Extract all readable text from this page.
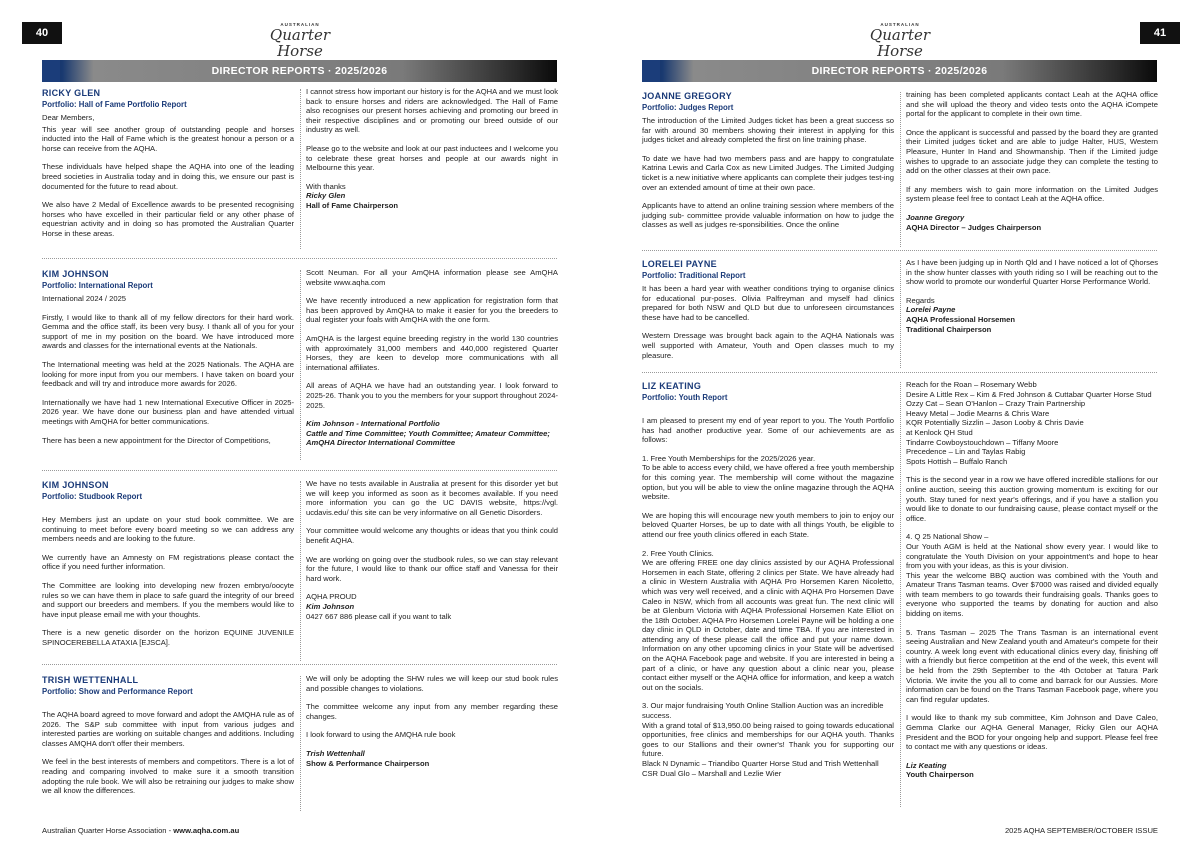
40
AUSTRALIAN
Quarter Horse
DIRECTOR REPORTS · 2025/2026
RICKY GLEN
Portfolio: Hall of Fame Portfolio Report

Dear Members,

This year will see another group of outstanding people and horses inducted into the Hall of Fame which is the greatest honour a person or a horse can receive from the AQHA.

These individuals have helped shape the AQHA into one of the leading breed societies in Australia today and in doing this, we ensure our past is documented for the future to read about.

We also have 2 Medal of Excellence awards to be presented recognising horses who have excelled in their particular field or any other phase of equestrian activity and in doing so has promoted the Australian Quarter Horse in these areas.

I cannot stress how important our history is for the AQHA and we must look back to ensure horses and riders are acknowledged. The Hall of Fame also recognises our present horses achieving and promoting our breed in their respective disciplines and or promoting our breed outside of our industry as well.

Please go to the website and look at our past inductees and I welcome you to celebrate these great horses and people at our awards night in Melbourne this year.

With thanks

Ricky Glen
Hall of Fame Chairperson
KIM JOHNSON
Portfolio: International Report

International 2024 / 2025

Firstly, I would like to thank all of my fellow directors for their hard work. Gemma and the office staff, its been very busy. I thank all of you for your support of me in my position on the board. We have introduced more awards and classes for the international events at the Nationals.

The International meeting was held at the 2025 Nationals. The AQHA are looking for more input from you our members. I have taken on board your feedback and will try and introduce more awards for 2026.

Internationally we have had 1 new International Executive Officer in 2025-2026 year. We have done our business plan and have attended virtual meetings with AmQHA for better communications.

There has been a new appointment for the Director of Competitions,

Scott Neuman. For all your AmQHA information please see AmQHA website www.aqha.com

We have recently introduced a new application for registration form that has been approved by AmQHA to make it easier for you the breeders to dual register your foals with AmQHA with the one form.

AmQHA is the largest equine breeding registry in the world 130 countries with approximately 31,000 members and 440,000 registered Quarter Horses, they are keen to develop more communications with all international affiliates.

All areas of AQHA we have had an outstanding year. I look forward to 2025-26. Thank you to you the members for your support throughout 2024-2025.

Kim Johnson - International Portfolio
Cattle and Time Committee; Youth Committee; Amateur Committee;
AmQHA Director International Committee
KIM JOHNSON
Portfolio: Studbook Report

Hey Members just an update on your stud book committee. We are continuing to meet before every board meeting so we can address any members needs and are looking to the future.

We currently have an Amnesty on FM registrations please contact the office if you need further information.

The Committee are looking into developing new frozen embryo/oocyte rules so we can have them in place to safe guard the integrity of our breed and support our breeders and members. If you the members would like to have input please email me with your thoughts.

There is a new genetic disorder on the horizon EQUINE JUVENILE SPINOCEREBELLA ATAXIA [EJSCA].

We have no tests available in Australia at present for this disorder yet but we will keep you informed as soon as it becomes available. If you need more information you can go the UC DAVIS website, https://vgl. ucdavis.edu/ this site can be very informative on all Genetic Disorders.

Your committee would welcome any thoughts or ideas that you think could benefit AQHA.

We are working on going over the studbook rules, so we can stay relevant for the future, I would like to thank our office staff and Vanessa for their hard work.

AQHA PROUD

Kim Johnson
0427 667 886 please call if you want to talk
TRISH WETTENHALL
Portfolio: Show and Performance Report

The AQHA board agreed to move forward and adopt the AMQHA rule as of 2026. The S&P sub committee with input from various judges and interested parties are working on suitable changes and additions. Including classes AMQHA don't offer their members.

We feel in the best interests of members and competitors. There is a lot of reading and comparing involved to make sure it a smooth transition adopting the rule book. We will also be retraining our judges to make show we all know the differences.

We will only be adopting the SHW rules we will keep our stud book rules and possible changes to violations.

The committee welcome any input from any member regarding these changes.

I look forward to using the AMQHA rule book

Trish Wettenhall
Show & Performance Chairperson
Australian Quarter Horse Association - www.aqha.com.au
41
AUSTRALIAN
Quarter Horse
DIRECTOR REPORTS · 2025/2026
JOANNE GREGORY
Portfolio: Judges Report

The introduction of the Limited Judges ticket has been a great success so far with around 30 members showing their interest in applying for this judges ticket and already completed the first on line training phase.

To date we have had two members pass and are happy to congratulate Katrina Lewis and Carla Cox as new Limited Judges. The Limited Judging ticket is a new initiative where applicants can complete their judges test-ing over an extended amount of time at their own pace.

Applicants have to attend an online training session where members of the judging sub- committee provide valuable information on how to judge the classes as well as judges re-sponsibilities. Once the online

training has been completed applicants contact Leah at the AQHA office and she will upload the theory and video tests onto the AQHA iCompete portal for the applicant to complete in their own time.

Once the applicant is successful and passed by the board they are granted their Limited judges ticket and are able to judge Halter, HUS, Western Pleasure, Hunter In Hand and Showmanship. Then if the Limited judge wishes to upgrade to an associate judge they can complete the testing to add on the other classes at their own pace.

If any members wish to gain more information on the Limited Judges system please feel free to contact Leah at the AQHA office.

Joanne Gregory
AQHA Director – Judges Chairperson
LORELEI PAYNE
Portfolio: Traditional Report

It has been a hard year with weather conditions trying to organise clinics for educational pur-poses. Olivia Palfreyman and myself had clinics prepared for both NSW and QLD but due to unforeseen circumstances these have had to be cancelled.

Western Dressage was brought back again to the AQHA Nationals was well supported with Amateur, Youth and Open classes much to my pleasure.

As I have been judging up in North Qld and I have noticed a lot of Qhorses in the show hunter classes with youth riding so I will be reaching out to the show world to promote our wonderful Quarter Horse Performance World.

Regards

Lorelei Payne
AQHA Professional Horsemen
Traditional Chairperson
LIZ KEATING
Portfolio: Youth Report

I am pleased to present my end of year report to you. The Youth Portfolio has had another productive year. Some of our achievements are as follows:

1. Free Youth Memberships for the 2025/2026 year.

To be able to access every child, we have offered a free youth membership for this coming year. The membership will come without the magazine option, but you will be able to view the online magazine through the AQHA website.

We are hoping this will encourage new youth members to join to enjoy our beloved Quarter Horses, be up to date with all things Youth, be eligible to attend our free youth clinics offered in each State.

2. Free Youth Clinics.

We are offering FREE one day clinics assisted by our AQHA Professional Horsemen in each State, offering 2 clinics per State. We have already had a clinic in Western Australia with AQHA Pro Horsemen Karen Nicoletto, which was very well received, and a clinic with AQHA Pro Horsemen Dave Caleo in NSW, which from all accounts was great fun. The next clinic will be at Glenburn Victoria with AQHA Professional Horsemen Kate Elliot on the 18th October. AQHA Pro Horsemen Lorelei Payne will be holding a one day clinic in QLD in October, date and time TBA. If you are interested in attending any of these please call the office and put your name down. Information on any other upcoming clinics in your State will be advertised on the AQHA Facebook page and website. If you are interested in being a part of a clinic, or have any question about a clinic near you, please contact either myself or the AQHA office for information, and keep a watch out on the socials.

3. Our major fundraising Youth Online Stallion Auction was an incredible success.
With a grand total of $13,950.00 being raised to going towards educational opportunities, free clinics and memberships for our AQHA youth. Thanks goes to our Stallions and their owner's! Thank you for supporting our future.
Black N Dynamic – Triandibo Quarter Horse Stud and Trish Wettenhall
CSR Dual Glo – Marshall and Lezlie Wier
Reach for the Roan – Rosemary Webb
Desire A Little Rex – Kim & Fred Johnson & Cuttabar Quarter Horse Stud
Ozzy Cat – Sean O'Hanlon – Crazy Train Partnership
Heavy Metal – Jodie Mearns & Chris Ware
KQR Potentially Sizzlin – Jason Looby & Chris Davie
at Kenlock QH Stud
Tindarre Cowboystouchdown – Tiffany Moore
Precedence – Lin and Taylas Rabig
Spots Hottish – Buffalo Ranch

This is the second year in a row we have offered incredible stallions for our online auction, seeing this auction growing momentum is exciting for our youth. Stay tuned for next year's offerings, and if you have a stallion you would like to donate to our fundraising cause, please contact myself or the office.

4. Q 25 National Show –
Our Youth AGM is held at the National show every year. I would like to congratulate the Youth Division on your appointment's and hope to hear from you with your ideas, as this is your division.

This year the welcome BBQ auction was combined with the Youth and Amateur Trans Tasman teams. Over $7000 was raised and divided equally with team members to go towards their fundraising goals. Thanks goes to everyone who supported the teams by donating for auction and also bidding on items.

5. Trans Tasman – 2025 The Trans Tasman is an international event seeing Australian and New Zealand youth and Amateur's compete for their country. A week long event with educational clinics every day, finishing off with a friendly but fierce competition at the end of the week, this event will be held from the 29th September to the 4th October at Tatura Park Victoria. We invite the you all to come and barrack for our Aussies. More information can be found on the Trans Tasman Facebook page, where you can find regular updates.

I would like to thank my sub committee, Kim Johnson and Dave Caleo, Gemma Clarke our AQHA General Manager, Ricky Glen our AQHA President and the BOD for your ongoing help and support. Please feel free to contact me with any questions or ideas.

Liz Keating
Youth Chairperson
2025 AQHA SEPTEMBER/OCTOBER ISSUE
